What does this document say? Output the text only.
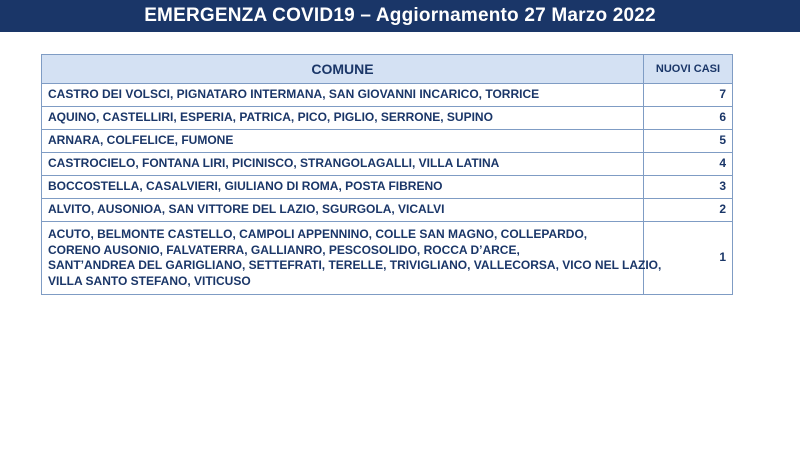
EMERGENZA COVID19 – Aggiornamento 27 Marzo 2022
COMUNE	NUOVI CASI

CASTRO DEI VOLSCI, PIGNATARO INTERMANA, SAN GIOVANNI INCARICO, TORRICE	7

AQUINO, CASTELLIRI, ESPERIA, PATRICA, PICO, PIGLIO, SERRONE, SUPINO	6

ARNARA, COLFELICE, FUMONE	5

CASTROCIELO, FONTANA LIRI, PICINISCO, STRANGOLAGALLI, VILLA LATINA	4

BOCCOSTELLA, CASALVIERI, GIULIANO DI ROMA, POSTA FIBRENO	3

ALVITO, AUSONIOA, SAN VITTORE DEL LAZIO, SGURGOLA, VICALVI	2

ACUTO, BELMONTE CASTELLO, CAMPOLI APPENNINO, COLLE SAN MAGNO, COLLEPARDO,
CORENO AUSONIO, FALVATERRA, GALLIANRO, PESCOSOLIDO, ROCCA D’ARCE,
SANT’ANDREA DEL GARIGLIANO, SETTEFRATI, TERELLE, TRIVIGLIANO, VALLECORSA, VICO NEL LAZIO,
VILLA SANTO STEFANO, VITICUSO	1
